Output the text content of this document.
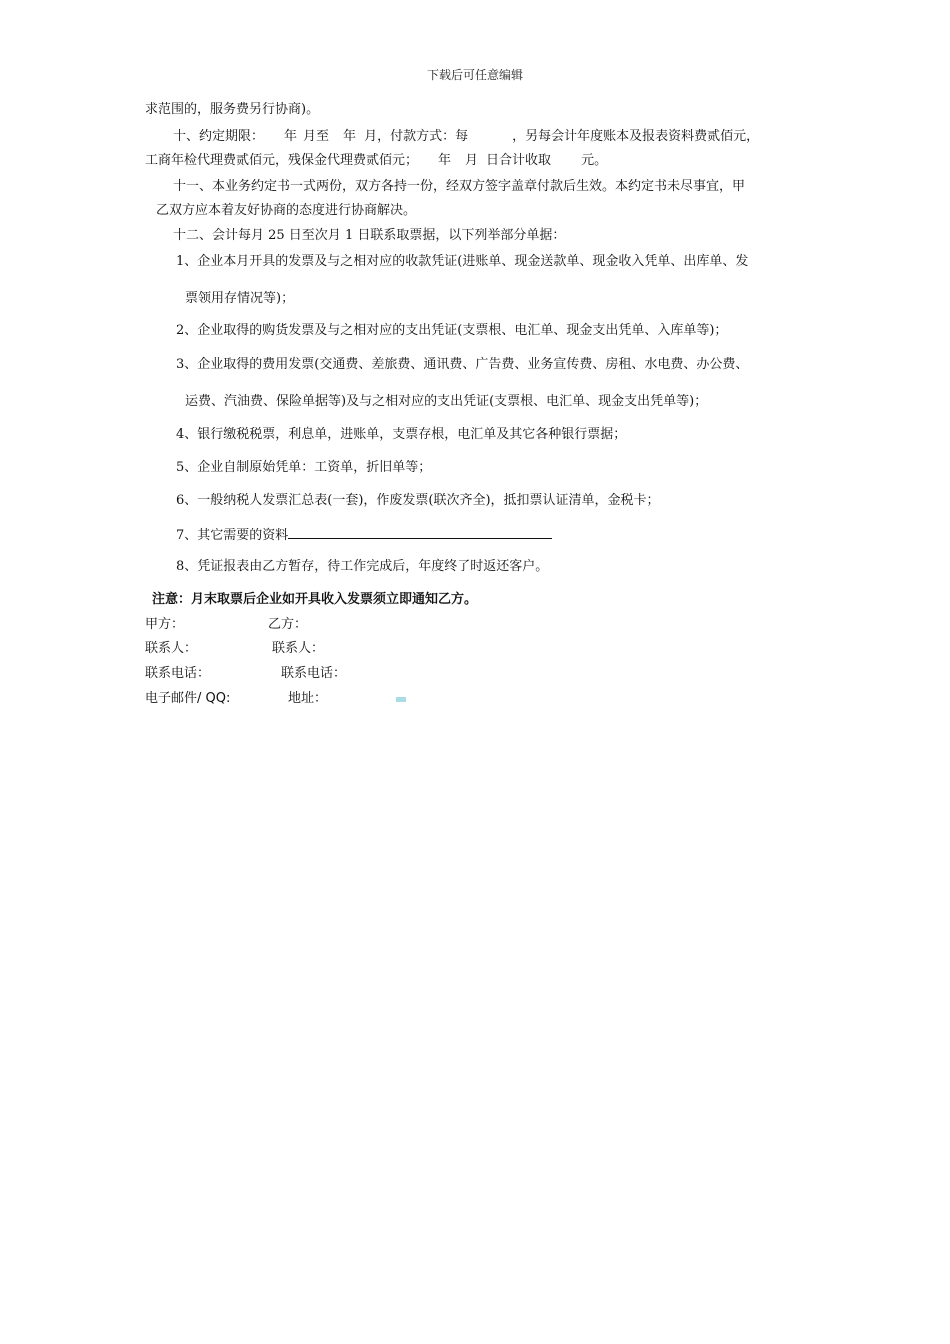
下载后可任意编辑
求范围的，服务费另行协商)。
十、约定期限： 年 月至 年 月，付款方式：每	，另每会计年度账本及报表资料费贰佰元，
工商年检代理费贰佰元，残保金代理费贰佰元； 年 月 日合计收取 元。
十一、本业务约定书一式两份，双方各持一份，经双方签字盖章付款后生效。本约定书未尽事宜，甲
乙双方应本着友好协商的态度进行协商解决。
十二、会计每月 25 日至次月 1 日联系取票据，以下列举部分单据：
1、企业本月开具的发票及与之相对应的收款凭证(进账单、现金送款单、现金收入凭单、出库单、发
票领用存情况等)；
2、企业取得的购货发票及与之相对应的支出凭证(支票根、电汇单、现金支出凭单、入库单等)；
3、企业取得的费用发票(交通费、差旅费、通讯费、广告费、业务宣传费、房租、水电费、办公费、
运费、汽油费、保险单据等)及与之相对应的支出凭证(支票根、电汇单、现金支出凭单等)；
4、银行缴税税票，利息单，进账单，支票存根，电汇单及其它各种银行票据；
5、企业自制原始凭单：工资单，折旧单等；
6、一般纳税人发票汇总表(一套)，作废发票(联次齐全)，抵扣票认证清单，金税卡；
7、其它需要的资料
8、凭证报表由乙方暂存，待工作完成后，年度终了时返还客户。
注意：月末取票后企业如开具收入发票须立即通知乙方。
甲方：	乙方：
联系人：	联系人：
联系电话：	联系电话：
电子邮件/ QQ:	地址：
